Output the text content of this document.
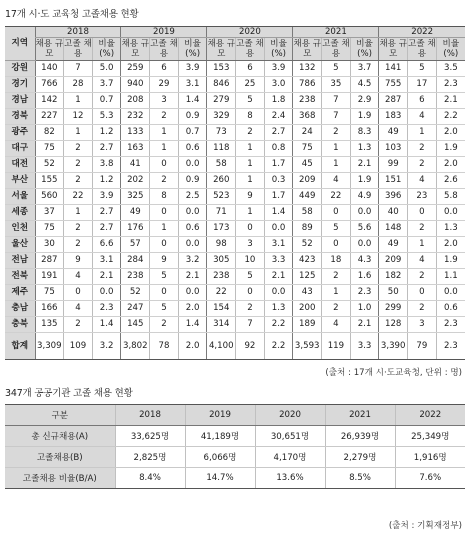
17개 시·도 교육청 고졸채용 현황
지역	2018			2019			2020			2021			2022		
	채용 규모	고졸 채용	비율 (%)	채용 규모	고졸 채용	비율 (%)	채용 규모	고졸 채용	비율 (%)	채용 규모	고졸 채용	비율 (%)	채용 규모	고졸 채용	비율 (%)
강원	140	7	5.0	259	6	3.9	153	6	3.9	132	5	3.7	141	5	3.5
경기	766	28	3.7	940	29	3.1	846	25	3.0	786	35	4.5	755	17	2.3
경남	142	1	0.7	208	3	1.4	279	5	1.8	238	7	2.9	287	6	2.1
경북	227	12	5.3	232	2	0.9	329	8	2.4	368	7	1.9	183	4	2.2
광주	82	1	1.2	133	1	0.7	73	2	2.7	24	2	8.3	49	1	2.0
대구	75	2	2.7	163	1	0.6	118	1	0.8	75	1	1.3	103	2	1.9
대전	52	2	3.8	41	0	0.0	58	1	1.7	45	1	2.1	99	2	2.0
부산	155	2	1.2	202	2	0.9	260	1	0.3	209	4	1.9	151	4	2.6
서울	560	22	3.9	325	8	2.5	523	9	1.7	449	22	4.9	396	23	5.8
세종	37	1	2.7	49	0	0.0	71	1	1.4	58	0	0.0	40	0	0.0
인천	75	2	2.7	176	1	0.6	173	0	0.0	89	5	5.6	148	2	1.3
울산	30	2	6.6	57	0	0.0	98	3	3.1	52	0	0.0	49	1	2.0
전남	287	9	3.1	284	9	3.2	305	10	3.3	423	18	4.3	209	4	1.9
전북	191	4	2.1	238	5	2.1	238	5	2.1	125	2	1.6	182	2	1.1
제주	75	0	0.0	52	0	0.0	22	0	0.0	43	1	2.3	50	0	0.0
충남	166	4	2.3	247	5	2.0	154	2	1.3	200	2	1.0	299	2	0.6
충북	135	2	1.4	145	2	1.4	314	7	2.2	189	4	2.1	128	3	2.3
합계	3,309	109	3.2	3,802	78	2.0	4,100	92	2.2	3,593	119	3.3	3,390	79	2.3
(출처 : 17개 시·도교육청, 단위 : 명)
347개 공공기관 고졸 채용 현황
구분	2018	2019	2020	2021	2022
총 신규채용(A)	33,625명	41,189명	30,651명	26,939명	25,349명
고졸채용(B)	2,825명	6,066명	4,170명	2,279명	1,916명
고졸채용 비율(B/A)	8.4%	14.7%	13.6%	8.5%	7.6%
(출처 : 기획재정부)
